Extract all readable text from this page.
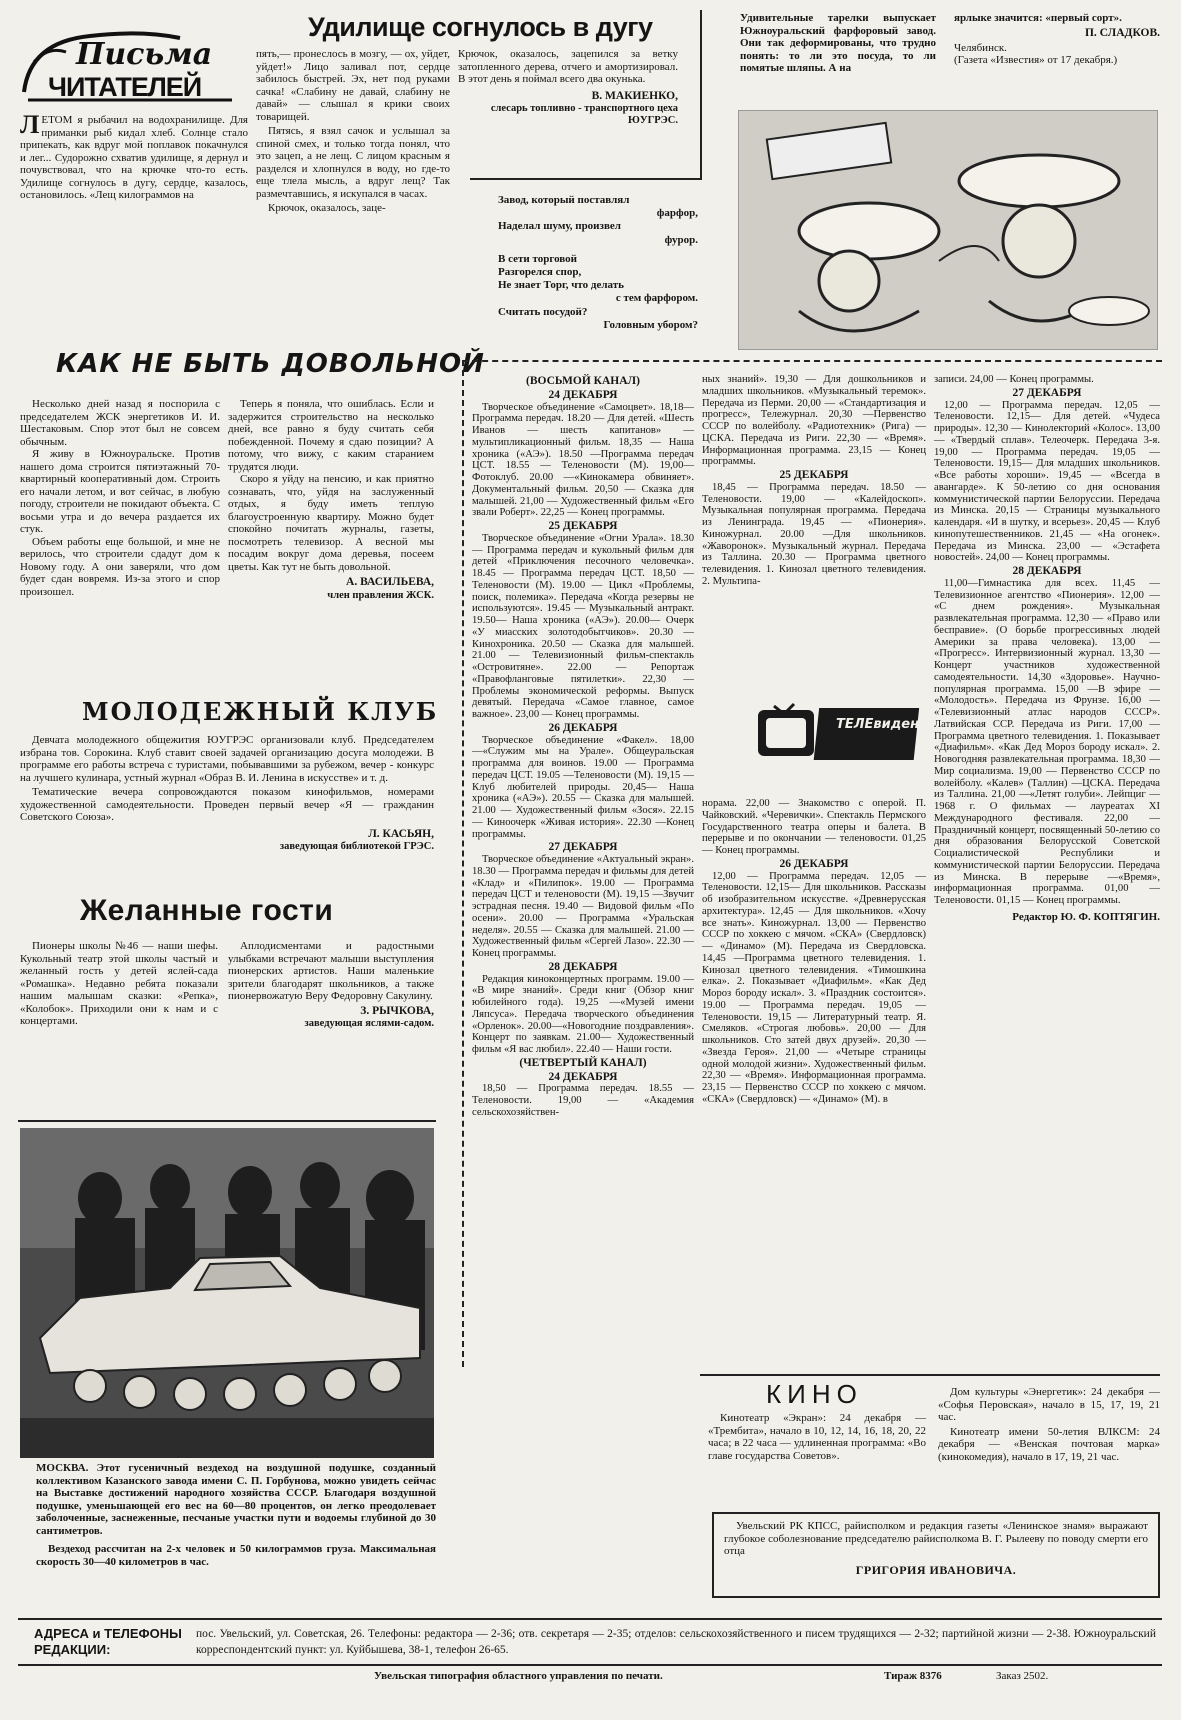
Письма
ЧИТАТЕЛЕЙ
Удилище согнулось в дугу

ЛЕТОМ я рыбачил на водохранилище. Для приманки рыб кидал хлеб. Солнце стало припекать, как вдруг мой поплавок покачнулся и лег... Судорожно схватив удилище, я дернул и почувствовал, что на крючке что-то есть. Удилище согнулось в дугу, сердце, казалось, остановилось. «Лещ килограммов на

пять,— пронеслось в мозгу, — ох, уйдет, уйдет!» Лицо заливал пот, сердце забилось быстрей. Эх, нет под руками сачка! «Слабину не давай, слабину не давай» — слышал я крики своих товарищей.

Пятясь, я взял сачок и услышал за спиной смех, и только тогда понял, что это зацеп, а не лещ. С лицом красным я разделся и хлопнулся в воду, но где-то еще тлела мысль, а вдруг лещ? Так размечтавшись, я искупался в часах.

Крючок, оказалось, заце-

Крючок, оказалось, зацепился за ветку затопленного дерева, отчего и амортизировал. В этот день я поймал всего два окунька.

В. МАКИЕНКО,
слесарь топливно - транспортного цеха ЮУГРЭС.
Завод, который поставлял
фарфор,
Наделал шуму, произвел
фурор.
В сети торговой
Разгорелся спор,
Не знает Торг, что делать
с тем фарфором.
Считать посудой?
Головным убором?
Удивительные тарелки выпускает Южноуральский фарфоровый завод. Они так деформированы, что трудно понять: то ли это посуда, то ли помятые шляпы. А на
ярлыке значится: «первый сорт».
П. СЛАДКОВ.
Челябинск.
(Газета «Известия» от 17 декабря.)
КАК НЕ БЫТЬ ДОВОЛЬНОЙ

Несколько дней назад я поспорила с председателем ЖСК энергетиков И. И. Шестаковым. Спор этот был не совсем обычным.

Я живу в Южноуральске. Против нашего дома строится пятиэтажный 70-квартирный кооперативный дом. Строить его начали летом, и вот сейчас, в любую погоду, строители не покидают объекта. С восьми утра и до вечера раздается их стук.

Объем работы еще большой, и мне не верилось, что строители сдадут дом к Новому году. А они заверяли, что дом будет сдан вовремя. Из-за этого и спор произошел.

Теперь я поняла, что ошиблась. Если и задержится строительство на несколько дней, все равно я буду считать себя побежденной. Почему я сдаю позиции? А потому, что вижу, с каким старанием трудятся люди.

Скоро я уйду на пенсию, и как приятно сознавать, что, уйдя на заслуженный отдых, я буду иметь теплую благоустроенную квартиру. Можно будет спокойно почитать журналы, газеты, посмотреть телевизор. А весной мы посадим вокруг дома деревья, посеем цветы. Как тут не быть довольной.

А. ВАСИЛЬЕВА,
член правления ЖСК.
МОЛОДЕЖНЫЙ КЛУБ

Девчата молодежного общежития ЮУГРЭС организовали клуб. Председателем избрана тов. Сорокина. Клуб ставит своей задачей организацию досуга молодежи. В программе его работы встреча с туристами, побывавшими за рубежом, вечер - конкурс на лучшего кулинара, устный журнал «Образ В. И. Ленина в искусстве» и т. д.

Тематические вечера сопровождаются показом кинофильмов, номерами художественной самодеятельности. Проведен первый вечер «Я — гражданин Советского Союза».

Л. КАСЬЯН,
заведующая библиотекой ГРЭС.
Желанные гости

Пионеры школы №46 — наши шефы. Кукольный театр этой школы частый и желанный гость у детей яслей-сада «Ромашка». Недавно ребята показали нашим малышам сказки: «Репка», «Колобок». Приходили они к нам и с концертами.

Аплодисментами и радостными улыбками встречают малыши выступления пионерских артистов. Наши маленькие зрители благодарят школьников, а также пионервожатую Веру Федоровну Сакулину.

З. РЫЧКОВА,
заведующая яслями-садом.

МОСКВА. Этот гусеничный вездеход на воздушной подушке, созданный коллективом Казанского завода имени С. П. Горбунова, можно увидеть сейчас на Выставке достижений народного хозяйства СССР. Благодаря воздушной подушке, уменьшающей его вес на 60—80 процентов, он легко преодолевает заболоченные, заснеженные, песчаные участки пути и водоемы глубиной до 30 сантиметров.

Вездеход рассчитан на 2-х человек и 50 килограммов груза. Максимальная скорость 30—40 километров в час.

(ВОСЬМОЙ КАНАЛ)
24 ДЕКАБРЯ

Творческое объединение «Самоцвет». 18,18—Программа передач. 18.20 — Для детей. «Шесть Иванов — шесть капитанов» — мультипликационный фильм. 18,35 — Наша хроника («АЭ»). 18.50 —Программа передач ЦСТ. 18.55 — Теленовости (М). 19,00—Фотоклуб. 20.00 —«Кинокамера обвиняет». Документальный фильм. 20,50 — Сказка для малышей. 21,00 — Художественный фильм «Его звали Роберт». 22,25 — Конец программы.

25 ДЕКАБРЯ

Творческое объединение «Огни Урала». 18.30 — Программа передач и кукольный фильм для детей «Приключения песочного человечка». 18.45 — Программа передач ЦСТ. 18,50 —Теленовости (М). 19.00 — Цикл «Проблемы, поиск, полемика». Передача «Когда резервы не используются». 19.45 — Музыкальный антракт. 19.50— Наша хроника («АЭ»). 20.00— Очерк «У миасских золотодобытчиков». 20.30 — Кинохроника. 20.50 — Сказка для малышей. 21.00 — Телевизионный фильм-спектакль «Островитяне». 22.00 — Репортаж «Правофланговые пятилетки». 22,30 —Проблемы экономической реформы. Выпуск девятый. Передача «Самое главное, самое важное». 23,00 — Конец программы.

26 ДЕКАБРЯ

Творческое объединение «Факел». 18,00 —«Служим мы на Урале». Общеуральская программа для воинов. 19.00 — Программа передач ЦСТ. 19.05 —Теленовости (М). 19,15 — Клуб любителей природы. 20,45— Наша хроника («АЭ»). 20.55 — Сказка для малышей. 21.00 — Художественный фильм «Зося». 22.15 — Киноочерк «Живая история». 22.30 —Конец программы.

27 ДЕКАБРЯ

Творческое объединение «Актуальный экран». 18.30 — Программа передач и фильмы для детей «Клад» и «Пилипок». 19.00 — Программа передач ЦСТ и теленовости (М). 19,15 —Звучит эстрадная песня. 19.40 — Видовой фильм «По осени». 20.00 — Программа «Уральская неделя». 20.55 — Сказка для малышей. 21.00 —Художественный фильм «Сергей Лазо». 22.30 — Конец программы.

28 ДЕКАБРЯ

Редакция киноконцертных программ. 19.00 — «В мире знаний». Среди книг (Обзор книг юбилейного года). 19,25 —«Музей имени Ляпсуса». Передача творческого объединения «Орленок». 20.00—«Новогодние поздравления». Концерт по заявкам. 21.00— Художественный фильм «Я вас любил». 22.40 — Наши гости.

(ЧЕТВЕРТЫЙ КАНАЛ)
24 ДЕКАБРЯ

18,50 — Программа передач. 18.55 — Теленовости. 19,00 — «Академия сельскохозяйствен-

ных знаний». 19,30 — Для дошкольников и младших школьников. «Музыкальный теремок». Передача из Перми. 20,00 — «Стандартизация и прогресс», Тележурнал. 20,30 —Первенство СССР по волейболу. «Радиотехник» (Рига) —ЦСКА. Передача из Риги. 22,30 — «Время». Информационная программа. 23,15 — Конец программы.

25 ДЕКАБРЯ

18,45 — Программа передач. 18.50 — Теленовости. 19,00 — «Калейдоскоп». Музыкальная популярная программа. Передача из Ленинграда. 19,45 — «Пионерия». Киножурнал. 20.00 —Для школьников. «Жаворонок». Музыкальный журнал. Передача из Таллина. 20.30 — Программа цветного телевидения. 1. Кинозал цветного телевидения. 2. Мультипа-

ТЕЛЕвидение

норама. 22,00 — Знакомство с оперой. П. Чайковский. «Черевички». Спектакль Пермского Государственного театра оперы и балета. В перерыве и по окончании — теленовости. 01,25 — Конец программы.

26 ДЕКАБРЯ

12,00 — Программа передач. 12,05 — Теленовости. 12,15— Для школьников. Рассказы об изобразительном искусстве. «Древнерусская архитектура». 12,45 — Для школьников. «Хочу все знать». Киножурнал. 13,00 — Первенство СССР по хоккею с мячом. «СКА» (Свердловск) — «Динамо» (М). Передача из Свердловска. 14,45 —Программа цветного телевидения. 1. Кинозал цветного телевидения. «Тимошкина елка». 2. Показывает «Диафильм». «Как Дед Мороз бороду искал». 3. «Праздник состоится». 19.00 — Программа передач. 19,05 — Теленовости. 19,15 — Литературный театр. Я. Смеляков. «Строгая любовь». 20,00 — Для школьников. Сто затей двух друзей». 20,30 — «Звезда Героя». 21,00 — «Четыре страницы одной молодой жизни». Художественный фильм. 22,30 — «Время». Информационная программа. 23,15 — Первенство СССР по хоккею с мячом. «СКА» (Свердловск) — «Динамо» (М). в

записи. 24,00 — Конец программы.

27 ДЕКАБРЯ

12,00 — Программа передач. 12,05 — Теленовости. 12,15— Для детей. «Чудеса природы». 12,30 — Кинолекторий «Колос». 13,00 — «Твердый сплав». Телеочерк. Передача 3-я. 19,00 — Программа передач. 19,05 — Теленовости. 19,15— Для младших школьников. «Все работы хороши». 19,45 — «Всегда в авангарде». К 50-летию со дня основания коммунистической партии Белоруссии. Передача из Минска. 20,15 — Страницы музыкального календаря. «И в шутку, и всерьез». 20,45 — Клуб кинопутешественников. 21,45 — «На огонек». Передача из Минска. 23,00 — «Эстафета новостей». 24,00 — Конец программы.

28 ДЕКАБРЯ

11,00—Гимнастика для всех. 11,45 — Телевизионное агентство «Пионерия». 12,00 — «С днем рождения». Музыкальная развлекательная программа. 12,30 — «Право или бесправие». (О борьбе прогрессивных людей Америки за права человека). 13,00 — «Прогресс». Интервизионный журнал. 13,30 — Концерт участников художественной самодеятельности. 14,30 «Здоровье». Научно-популярная программа. 15,00 —В эфире — «Молодость». Передача из Фрунзе. 16,00 — «Телевизионный атлас народов СССР». Латвийская ССР. Передача из Риги. 17,00 — Программа цветного телевидения. 1. Показывает «Диафильм». «Как Дед Мороз бороду искал». 2. Новогодняя развлекательная программа. 18,30 — Мир социализма. 19,00 — Первенство СССР по волейболу. «Калев» (Таллин) —ЦСКА. Передача из Таллина. 21,00 —«Летят голуби». Лейпциг —1968 г. О фильмах — лауреатах XI Международного фестиваля. 22,00 — Праздничный концерт, посвященный 50-летию со дня образования Белорусской Советской Социалистической Республики и коммунистической партии Белоруссии. Передача из Минска. В перерыве —«Время», информационная программа. 01,00 — Теленовости. 01,15 — Конец программы.

Редактор Ю. Ф. КОПТЯГИН.
КИНО

Кинотеатр «Экран»: 24 декабря — «Трембита», начало в 10, 12, 14, 16, 18, 20, 22 часа; в 22 часа — удлиненная программа: «Во главе государства Советов».

Дом культуры «Энергетик»: 24 декабря — «Софья Перовская», начало в 15, 17, 19, 21 час.

Кинотеатр имени 50-летия ВЛКСМ: 24 декабря — «Венская почтовая марка» (кинокомедия), начало в 17, 19, 21 час.

Увельский РК КПСС, райисполком и редакция газеты «Ленинское знамя» выражают глубокое соболезнование председателю райисполкома В. Г. Рылееву по поводу смерти его отца

ГРИГОРИЯ ИВАНОВИЧА.
АДРЕСА и ТЕЛЕФОНЫ РЕДАКЦИИ:
пос. Увельский, ул. Советская, 26. Телефоны: редактора — 2-36; отв. секретаря — 2-35; отделов: сельскохозяйственного и писем трудящихся — 2-32; партийной жизни — 2-38. Южноуральский корреспондентский пункт: ул. Куйбышева, 38-1, телефон 26-65.
Увельская типография областного управления по печати.	Тираж 8376	Заказ 2502.
